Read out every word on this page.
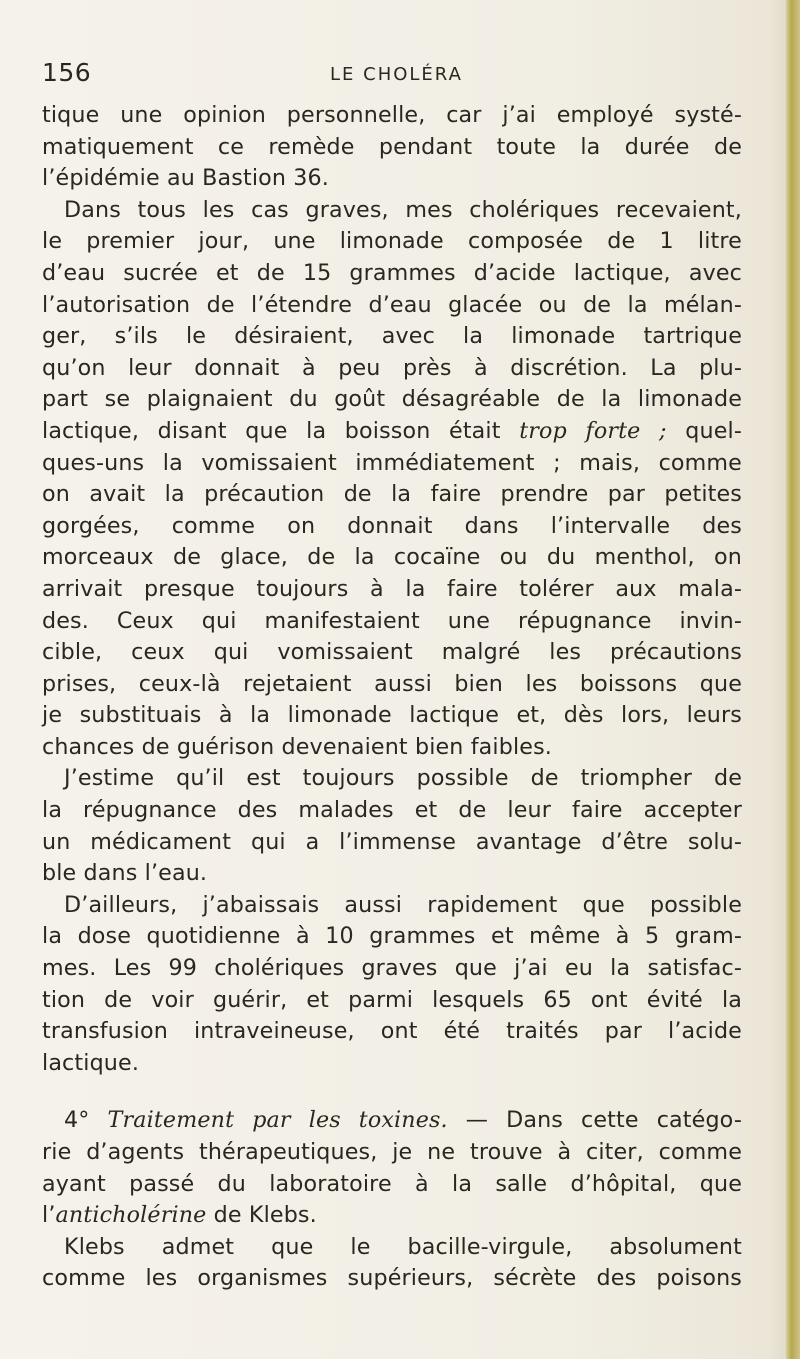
156	LE CHOLÉRA
tique une opinion personnelle, car j’ai employé systé-
matiquement ce remède pendant toute la durée de
l’épidémie au Bastion 36.
Dans tous les cas graves, mes cholériques recevaient,
le premier jour, une limonade composée de 1 litre
d’eau sucrée et de 15 grammes d’acide lactique, avec
l’autorisation de l’étendre d’eau glacée ou de la mélan-
ger, s’ils le désiraient, avec la limonade tartrique
qu’on leur donnait à peu près à discrétion. La plu-
part se plaignaient du goût désagréable de la limonade
lactique, disant que la boisson était trop forte ; quel-
ques-uns la vomissaient immédiatement ; mais, comme
on avait la précaution de la faire prendre par petites
gorgées, comme on donnait dans l’intervalle des
morceaux de glace, de la cocaïne ou du menthol, on
arrivait presque toujours à la faire tolérer aux mala-
des. Ceux qui manifestaient une répugnance invin-
cible, ceux qui vomissaient malgré les précautions
prises, ceux-là rejetaient aussi bien les boissons que
je substituais à la limonade lactique et, dès lors, leurs
chances de guérison devenaient bien faibles.
J’estime qu’il est toujours possible de triompher de
la répugnance des malades et de leur faire accepter
un médicament qui a l’immense avantage d’être solu-
ble dans l’eau.
D’ailleurs, j’abaissais aussi rapidement que possible
la dose quotidienne à 10 grammes et même à 5 gram-
mes. Les 99 cholériques graves que j’ai eu la satisfac-
tion de voir guérir, et parmi lesquels 65 ont évité la
transfusion intraveineuse, ont été traités par l’acide
lactique.
4° Traitement par les toxines. — Dans cette catégo-
rie d’agents thérapeutiques, je ne trouve à citer, comme
ayant passé du laboratoire à la salle d’hôpital, que
l’anticholérine de Klebs.
Klebs admet que le bacille-virgule, absolument
comme les organismes supérieurs, sécrète des poisons
